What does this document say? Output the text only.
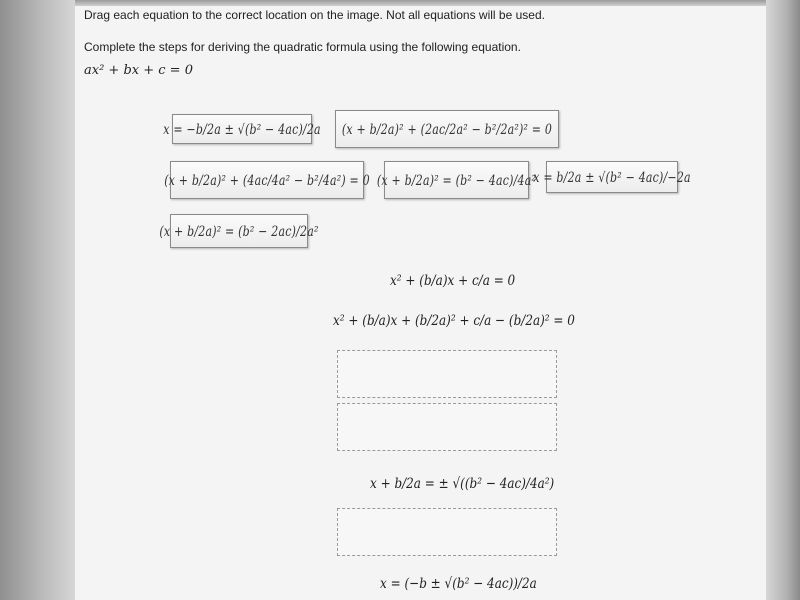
Drag each equation to the correct location on the image. Not all equations will be used.
Complete the steps for deriving the quadratic formula using the following equation.
ax² + bx + c = 0
x = −b/2a ± √(b² − 4ac)/2a (x + b/2a)² + (2ac/2a² − b²/2a²)² = 0
(x + b/2a)² + (4ac/4a² − b²/4a²) = 0 (x + b/2a)² = (b² − 4ac)/4a²
x = b/2a ± √(b² − 4ac)/−2a
(x + b/2a)² = (b² − 2ac)/2a²
x² + (b/a)x + c/a = 0
x² + (b/a)x + (b/2a)² + c/a − (b/2a)² = 0
x + b/2a = ± √((b² − 4ac)/4a²)
x = (−b ± √(b² − 4ac))/2a
